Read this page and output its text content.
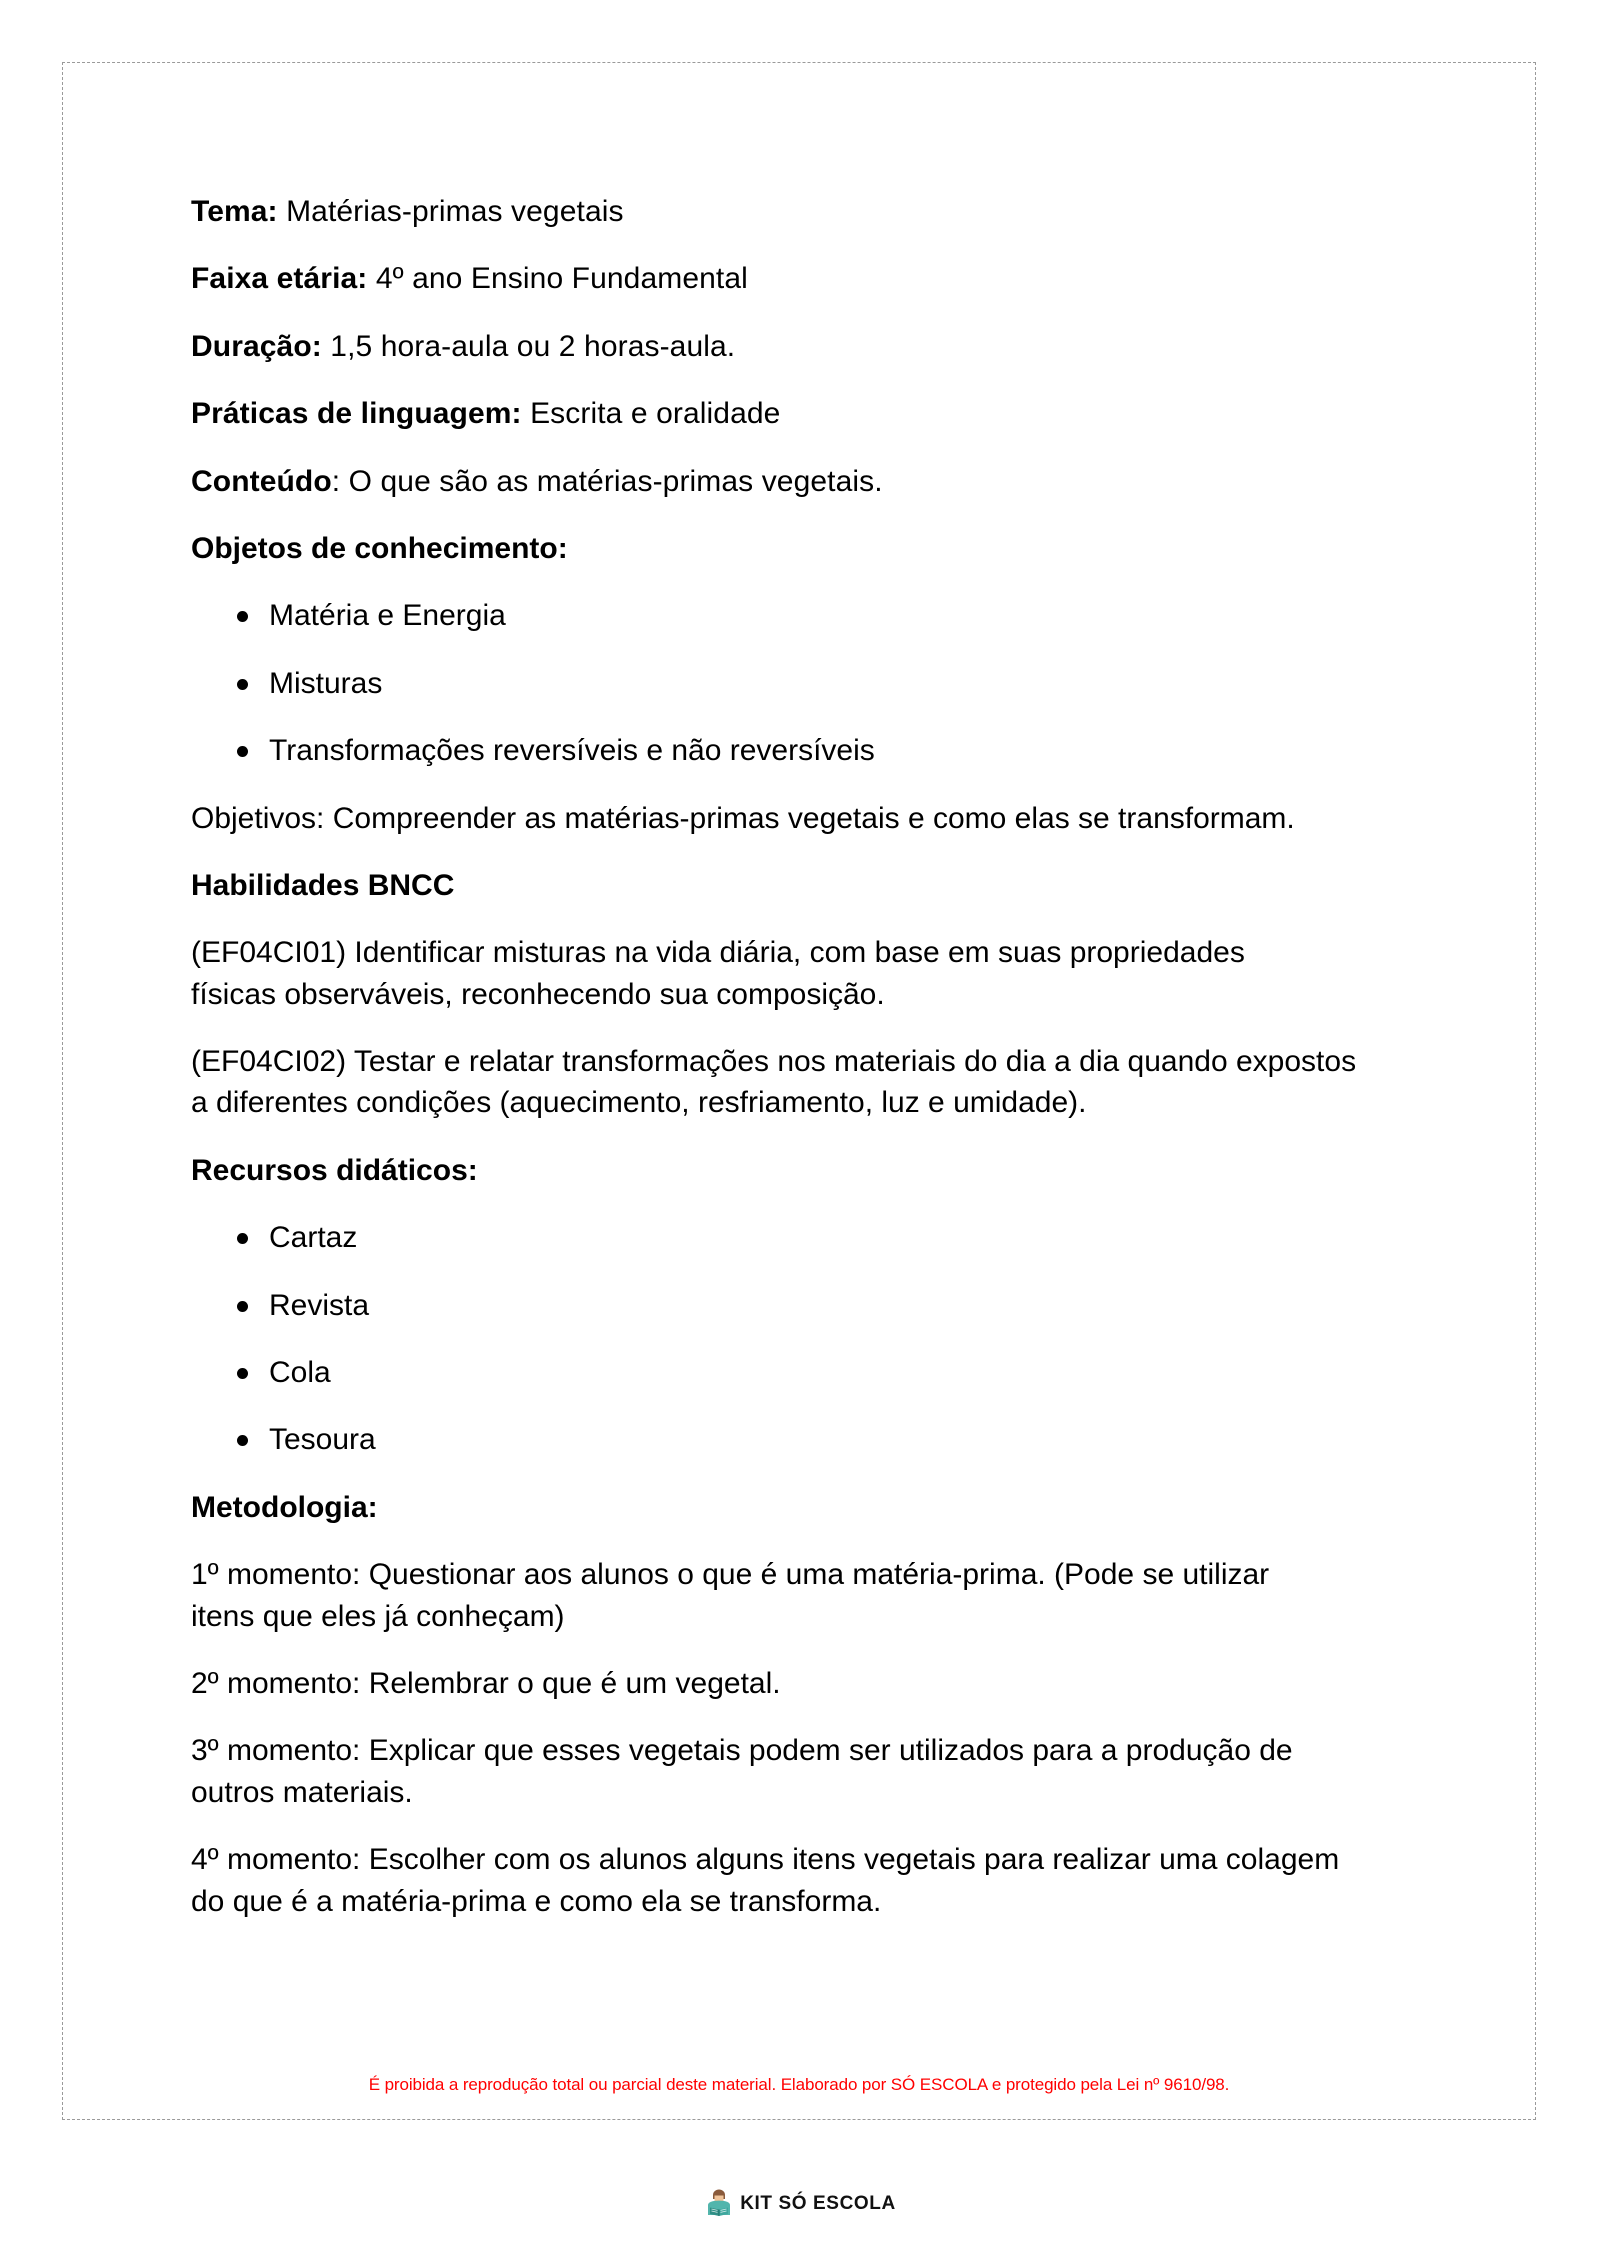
Tema: Matérias-primas vegetais

Faixa etária: 4º ano Ensino Fundamental

Duração: 1,5 hora-aula ou 2 horas-aula.

Práticas de linguagem: Escrita e oralidade

Conteúdo: O que são as matérias-primas vegetais.

Objetos de conhecimento:

Matéria e Energia
Misturas
Transformações reversíveis e não reversíveis

Objetivos: Compreender as matérias-primas vegetais e como elas se transformam.

Habilidades BNCC

(EF04CI01) Identificar misturas na vida diária, com base em suas propriedades físicas observáveis, reconhecendo sua composição.

(EF04CI02) Testar e relatar transformações nos materiais do dia a dia quando expostos a diferentes condições (aquecimento, resfriamento, luz e umidade).

Recursos didáticos:

Cartaz
Revista
Cola
Tesoura

Metodologia:

1º momento: Questionar aos alunos o que é uma matéria-prima. (Pode se utilizar itens que eles já conheçam)

2º momento: Relembrar o que é um vegetal.

3º momento: Explicar que esses vegetais podem ser utilizados para a produção de outros materiais.

4º momento: Escolher com os alunos alguns itens vegetais para realizar uma colagem do que é a matéria-prima e como ela se transforma.

É proibida a reprodução total ou parcial deste material. Elaborado por SÓ ESCOLA e protegido pela Lei nº 9610/98.
KIT SÓ ESCOLA
